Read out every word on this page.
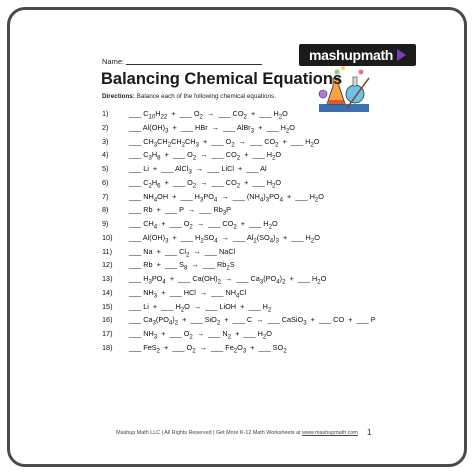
Name:	mashupmath
Balancing Chemical Equations
Directions: Balance each of the following chemical equations.
1)	___ $C_{10}H_{22}$  +  ___ $O_2$  →  ___ $CO_2$  +  ___ $H_2O$
2)	___ $Al(OH)_3$  +  ___ HBr  →  ___ AlBr$_3$  +  ___ $H_2O$
3)	___ $CH_3CH_2CH_2CH_3$  +  ___ $O_2$  →  ___ $CO_2$  +  ___ $H_2O$
4)	___ $C_3H_8$  +  ___ $O_2$  →  ___ $CO_2$  +  ___ $H_2O$
5)	___ Li  +  ___ AlCl$_3$  →  ___ LiCl  +  ___ Al
6)	___ $C_2H_6$  +  ___ $O_2$  →  ___ $CO_2$  +  ___ $H_2O$
7)	___ $NH_4OH$  +  ___ $H_3PO_4$  →  ___ $(NH_4)_3PO_4$  +  ___ $H_2O$
8)	___ Rb  +  ___ P  →  ___ $Rb_3P$
9)	___ $CH_4$  +  ___ $O_2$  →  ___ $CO_2$  +  ___ $H_2O$
10) ___ $Al(OH)_3$  +  ___ $H_2SO_4$  →  ___ $Al_2(SO_4)_3$  +  ___ $H_2O$
11) ___ Na  +  ___ $Cl_2$  →  ___ NaCl
12) ___ Rb  +  ___ $S_8$  →  ___ $Rb_2S$
13) ___ $H_3PO_4$  +  ___ $Ca(OH)_2$  →  ___ $Ca_3(PO_4)_2$  +  ___ $H_2O$
14) ___ $NH_3$  +  ___ HCl  →  ___ $NH_4Cl$
15) ___ Li  +  ___ $H_2O$  →  ___ LiOH  +  ___ $H_2$
16) ___ $Ca_3(PO_4)_2$  +  ___ SiO$_2$  +  ___ C  →  ___ CaSiO$_3$  +  ___ CO  +  ___ P
17) ___ $NH_3$  +  ___ $O_2$  →  ___ $N_2$  +  ___ $H_2O$
18) ___ FeS$_2$  +  ___ $O_2$  →  ___ $Fe_2O_3$  +  ___ $SO_2$
Mashup Math LLC | All Rights Reserved | Get More K-12 Math Worksheets at www.mashupmath.com	1
